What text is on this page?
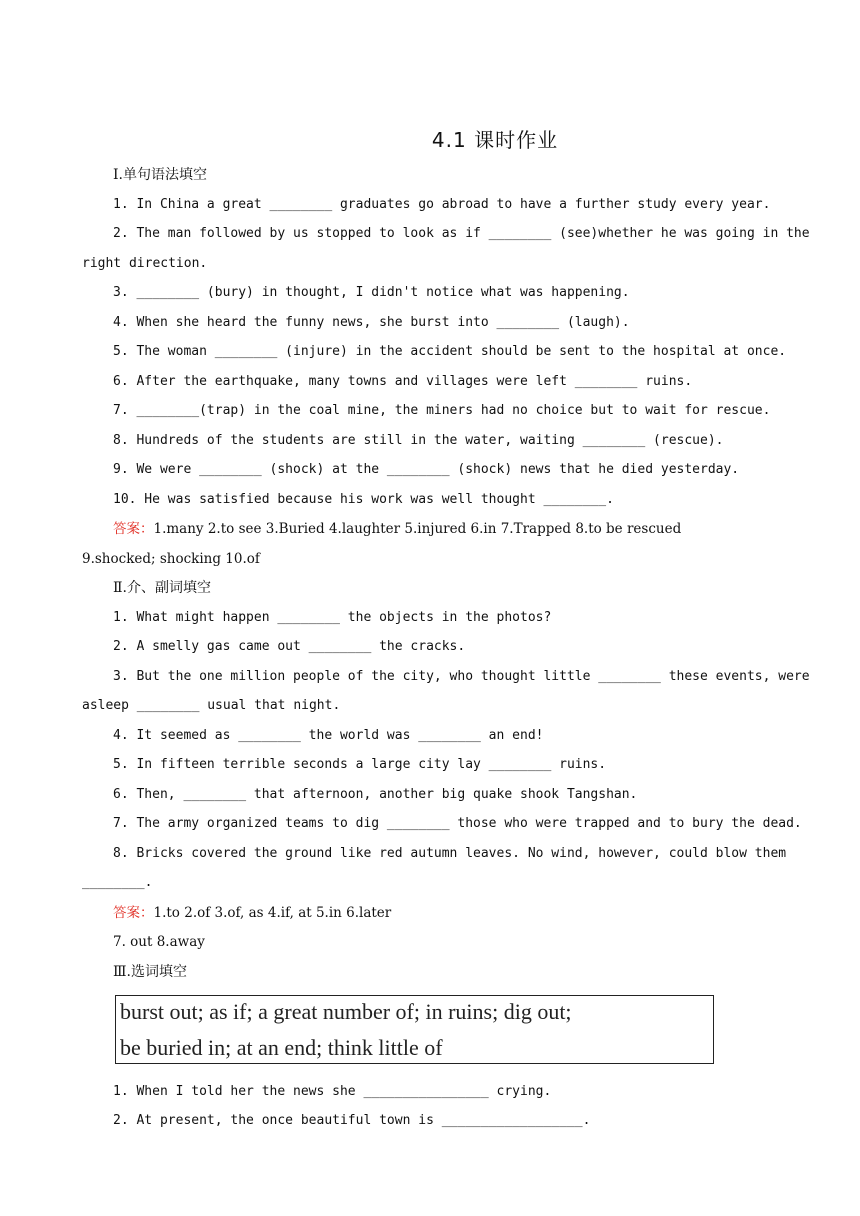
4.1 课时作业
Ⅰ.单句语法填空
1. In China a great ________ graduates go abroad to have a further study every year.
2. The man followed by us stopped to look as if ________ (see)whether he was going in the
right direction.
3. ________ (bury) in thought, I didn't notice what was happening.
4. When she heard the funny news, she burst into ________ (laugh).
5. The woman ________ (injure) in the accident should be sent to the hospital at once.
6. After the earthquake, many towns and villages were left ________ ruins.
7. ________(trap) in the coal mine, the miners had no choice but to wait for rescue.
8. Hundreds of the students are still in the water, waiting ________ (rescue).
9. We were ________ (shock) at the ________ (shock) news that he died yesterday.
10. He was satisfied because his work was well thought ________.
答案：1.many 2.to see 3.Buried 4.laughter 5.injured 6.in 7.Trapped 8.to be rescued
9.shocked; shocking 10.of
Ⅱ.介、副词填空
1. What might happen ________ the objects in the photos?
2. A smelly gas came out ________ the cracks.
3. But the one million people of the city, who thought little ________ these events, were
asleep ________ usual that night.
4. It seemed as ________ the world was ________ an end!
5. In fifteen terrible seconds a large city lay ________ ruins.
6. Then, ________ that afternoon, another big quake shook Tangshan.
7. The army organized teams to dig ________ those who were trapped and to bury the dead.
8. Bricks covered the ground like red autumn leaves. No wind, however, could blow them
________.
答案：1.to 2.of 3.of, as 4.if, at 5.in 6.later
7. out 8.away
Ⅲ.选词填空
burst out; as if; a great number of; in ruins; dig out;
be buried in; at an end; think little of
1. When I told her the news she ________________ crying.
2. At present, the once beautiful town is __________________.
